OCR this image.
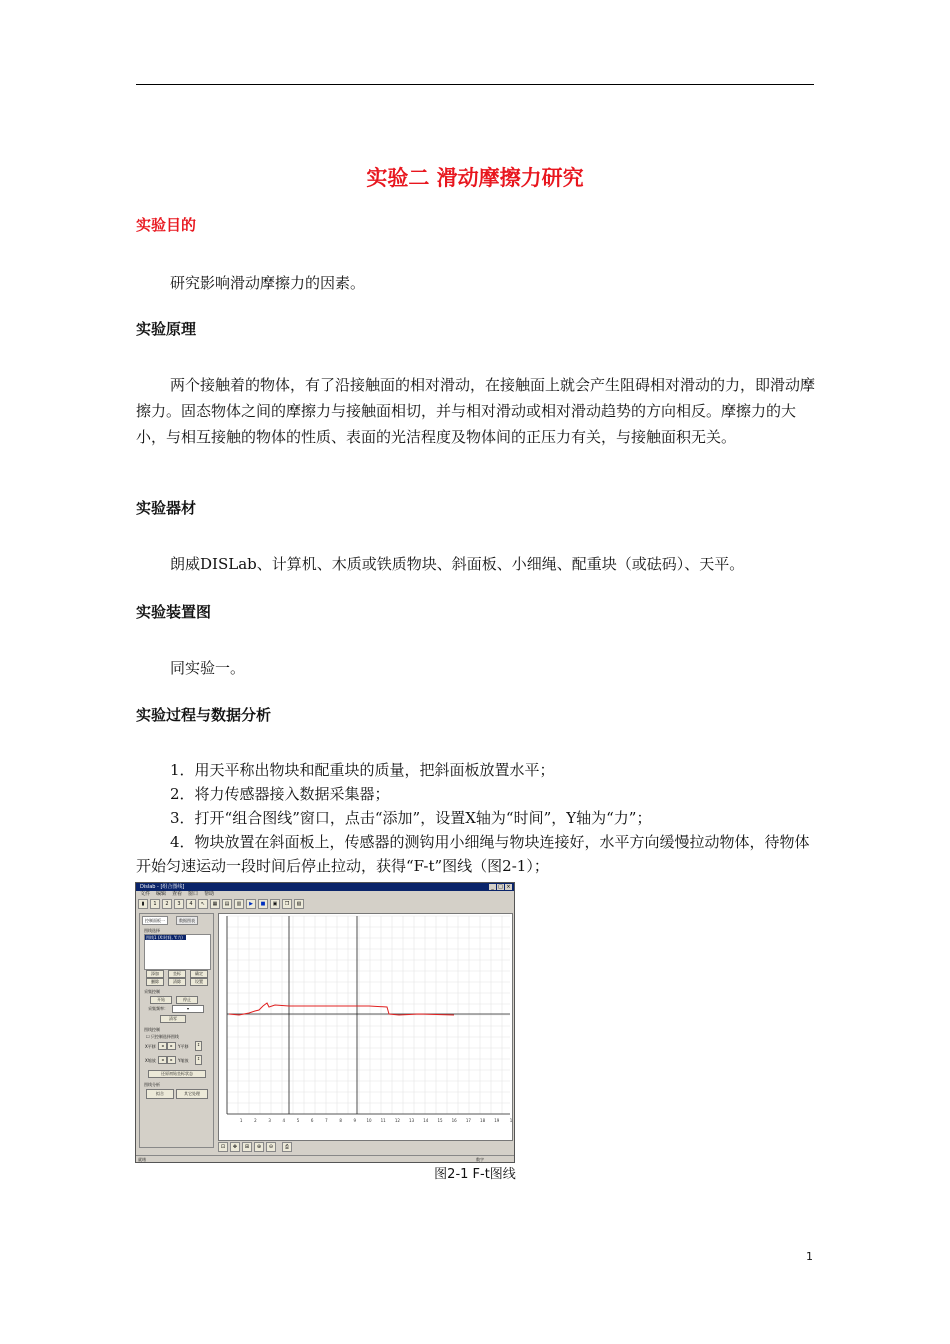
实验二 滑动摩擦力研究
实验目的
研究影响滑动摩擦力的因素。
实验原理
两个接触着的物体，有了沿接触面的相对滑动，在接触面上就会产生阻碍相对滑动的力，即滑动摩擦力。固态物体之间的摩擦力与接触面相切，并与相对滑动或相对滑动趋势的方向相反。摩擦力的大小，与相互接触的物体的性质、表面的光洁程度及物体间的正压力有关，与接触面积无关。
实验器材
朗威DISLab、计算机、木质或铁质物块、斜面板、小细绳、配重块（或砝码）、天平。
实验装置图
同实验一。
实验过程与数据分析
1．用天平称出物块和配重块的质量，把斜面板放置水平；
2．将力传感器接入数据采集器；
3．打开“组合图线”窗口，点击“添加”，设置X轴为“时间”，Y轴为“力”；
4．物块放置在斜面板上，传感器的测钩用小细绳与物块连接好，水平方向缓慢拉动物体，待物体开始匀速运动一段时间后停止拉动，获得“F-t”图线（图2-1）；
Dislab - [组合图线]	_ □ ×
文件 编辑 查看 窗口 帮助
▮	1	2	3	4	↖	▦	▤	▥	▶	■	▣	❐	▧
控制面板一	数据图表
图线选择
图线1 (X:时间, Y:力)
添加	坐标	确定
删除	清除	设置
采集控制
开始	停止
采集频率：	▾
清零
图线控制
☐ 只控制选择图线
X平移	◂	▸	Y平移	↕
X缩放	◂	▸	Y缩放	↕
还原初始坐标状态
图线分析
拟合	其它处理
1	2	3	4	5	6	7	8	9	10 11 12 13 14 15 16 17 18 19	1
⊡	✥	⊞	⊕	⊖	⎙
就绪	数字
图2-1 F-t图线
1
